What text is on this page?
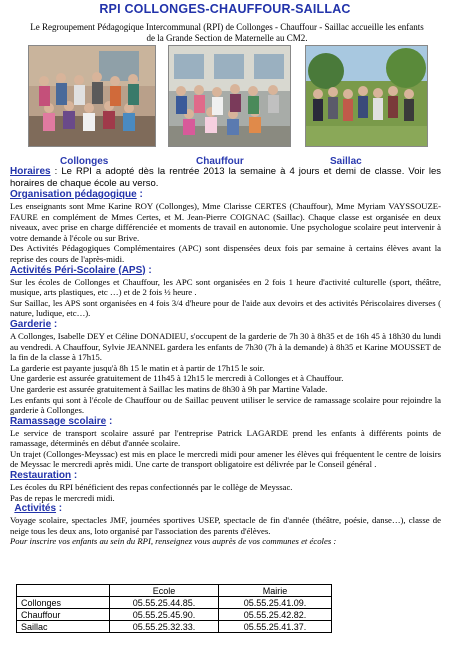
RPI COLLONGES-CHAUFFOUR-SAILLAC
Le Regroupement Pédagogique Intercommunal (RPI) de Collonges - Chauffour - Saillac accueille les enfants de la Grande Section de Maternelle au CM2.
Collonges	Chauffour	Saillac

Horaires : Le RPI a adopté dès la rentrée 2013 la semaine à 4 jours et demi de classe. Voir les horaires de chaque école au verso.

Organisation pédagogique :

Les enseignants sont Mme Karine ROY (Collonges), Mme Clarisse CERTES (Chauffour), Mme Myriam VAYSSOUZE-FAURE en complément de Mmes Certes, et M. Jean-Pierre COIGNAC (Saillac). Chaque classe est organisée en deux niveaux, avec prise en charge différenciée et moments de travail en autonomie. Une psychologue scolaire peut intervenir à votre demande à l'école ou sur Brive.

Des Activités Pédagogiques Complémentaires (APC) sont dispensées deux fois par semaine à certains élèves avant la reprise des cours de l'après-midi.

Activités Péri-Scolaire (APS) :

Sur les écoles de Collonges et Chauffour, les APC sont organisées en 2 fois 1 heure d'activité culturelle (sport, théâtre, musique, arts plastiques, etc …) et de 2 fois ½ heure .

Sur Saillac, les APS sont organisées en 4 fois 3/4 d'heure pour de l'aide aux devoirs et des activités Périscolaires diverses ( nature, ludique, etc…).

Garderie :

A Collonges, Isabelle DEY et Céline DONADIEU, s'occupent de la garderie de 7h 30 à 8h35 et de 16h 45 à 18h30 du lundi au vendredi. A Chauffour, Sylvie JEANNEL gardera les enfants de 7h30 (7h à la demande) à 8h35 et Karine MOUSSET de la fin de la classe à 17h15.

La garderie est payante jusqu'à 8h 15 le matin et à partir de 17h15 le soir.

Une garderie est assurée gratuitement de 11h45 à 12h15 le mercredi à Collonges et à Chauffour.

Une garderie est assurée gratuitement à Saillac les matins de 8h30 à 9h par Martine Valade.

Les enfants qui sont à l'école de Chauffour ou de Saillac peuvent utiliser le service de ramassage scolaire pour rejoindre la garderie à Collonges.

Ramassage scolaire :

Le service de transport scolaire assuré par l'entreprise Patrick LAGARDE prend les enfants à différents points de ramassage, déterminés en début d'année scolaire.

Un trajet (Collonges-Meyssac) est mis en place le mercredi midi pour amener les élèves qui fréquentent le centre de loisirs de Meyssac le mercredi après midi. Une carte de transport obligatoire est délivrée par le Conseil général .

Restauration :

Les écoles du RPI bénéficient des repas confectionnés par le collège de Meyssac.

Pas de repas le mercredi midi.

Activités :

Voyage scolaire, spectacles JMF, journées sportives USEP, spectacle de fin d'année (théâtre, poésie, danse…), classe de neige tous les deux ans, loto organisé par l'association des parents d'élèves.

Pour inscrire vos enfants au sein du RPI, renseignez vous auprès de vos communes et écoles :

	Ecole	Mairie
Collonges	05.55.25.44.85.	05.55.25.41.09.
Chauffour	05.55.25.45.90.	05.55.25.42.82.
Saillac	05.55.25.32.33.	05.55.25.41.37.
